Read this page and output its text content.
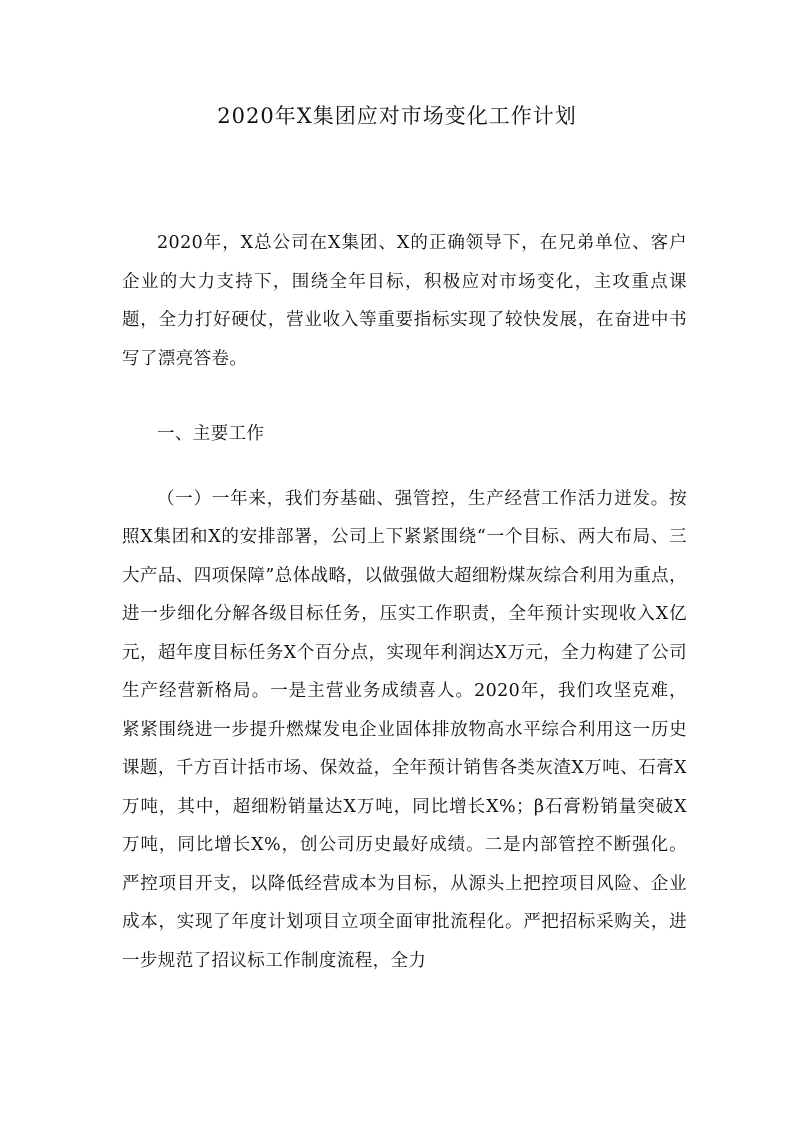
2020年X集团应对市场变化工作计划

2020年，X总公司在X集团、X的正确领导下，在兄弟单位、客户企业的大力支持下，围绕全年目标，积极应对市场变化，主攻重点课题，全力打好硬仗，营业收入等重要指标实现了较快发展，在奋进中书写了漂亮答卷。

一、主要工作

（一）一年来，我们夯基础、强管控，生产经营工作活力迸发。按照X集团和X的安排部署，公司上下紧紧围绕“一个目标、两大布局、三大产品、四项保障”总体战略，以做强做大超细粉煤灰综合利用为重点，进一步细化分解各级目标任务，压实工作职责，全年预计实现收入X亿元，超年度目标任务X个百分点，实现年利润达X万元，全力构建了公司生产经营新格局。一是主营业务成绩喜人。2020年，我们攻坚克难，紧紧围绕进一步提升燃煤发电企业固体排放物高水平综合利用这一历史课题，千方百计括市场、保效益，全年预计销售各类灰渣X万吨、石膏X万吨，其中，超细粉销量达X万吨，同比增长X%；β石膏粉销量突破X万吨，同比增长X%，创公司历史最好成绩。二是内部管控不断强化。严控项目开支，以降低经营成本为目标，从源头上把控项目风险、企业成本，实现了年度计划项目立项全面审批流程化。严把招标采购关，进一步规范了招议标工作制度流程，全力
